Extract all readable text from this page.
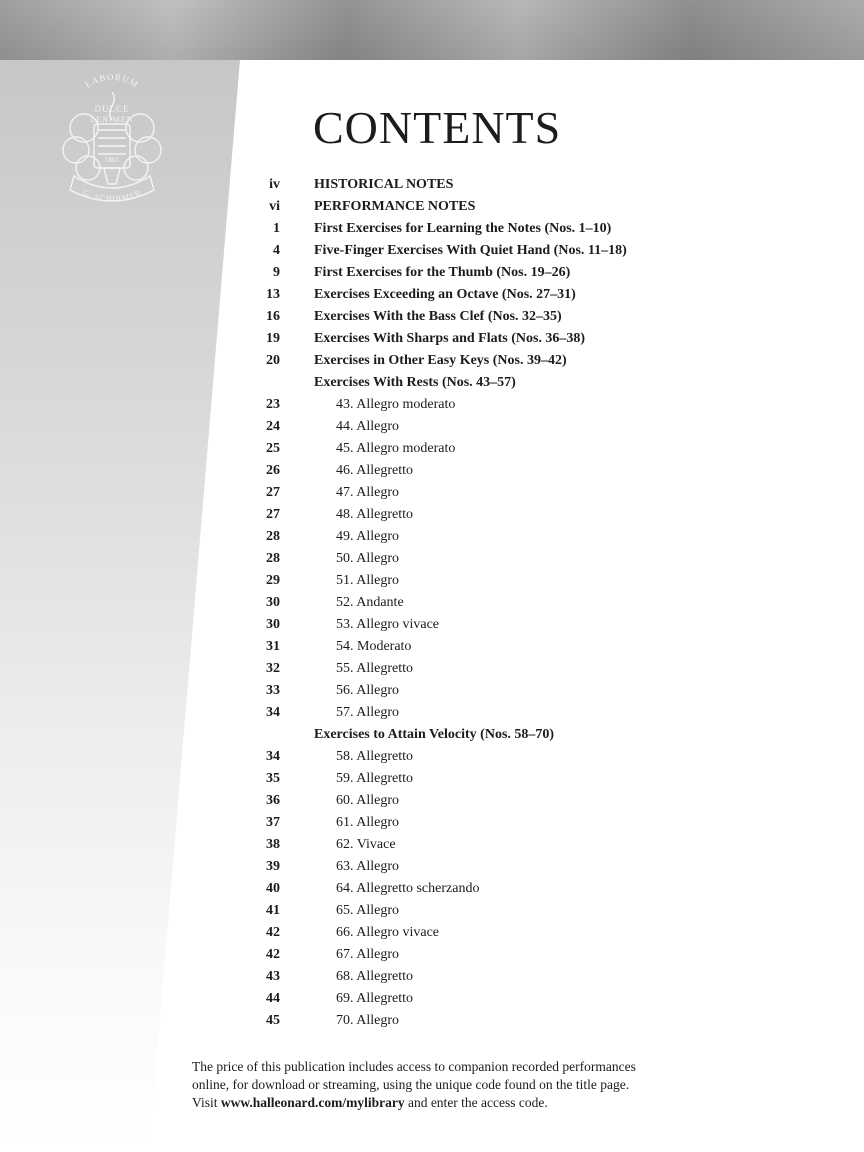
LABORUM
DULCE
LENIMEN
1861
G. SCHIRMER
CONTENTS
iv HISTORICAL NOTES
vi PERFORMANCE NOTES
1 First Exercises for Learning the Notes (Nos. 1–10)
4 Five-Finger Exercises With Quiet Hand (Nos. 11–18)
9 First Exercises for the Thumb (Nos. 19–26)
13 Exercises Exceeding an Octave (Nos. 27–31)
16 Exercises With the Bass Clef (Nos. 32–35)
19 Exercises With Sharps and Flats (Nos. 36–38)
20 Exercises in Other Easy Keys (Nos. 39–42)
Exercises With Rests (Nos. 43–57)
23	43. Allegro moderato
24	44. Allegro
25	45. Allegro moderato
26	46. Allegretto
27	47. Allegro
27	48. Allegretto
28	49. Allegro
28	50. Allegro
29	51. Allegro
30	52. Andante
30	53. Allegro vivace
31	54. Moderato
32	55. Allegretto
33	56. Allegro
34	57. Allegro
Exercises to Attain Velocity (Nos. 58–70)
34	58. Allegretto
35	59. Allegretto
36	60. Allegro
37	61. Allegro
38	62. Vivace
39	63. Allegro
40	64. Allegretto scherzando
41	65. Allegro
42	66. Allegro vivace
42	67. Allegro
43	68. Allegretto
44	69. Allegretto
45	70. Allegro
The price of this publication includes access to companion recorded performances
online, for download or streaming, using the unique code found on the title page.
Visit www.halleonard.com/mylibrary and enter the access code.
